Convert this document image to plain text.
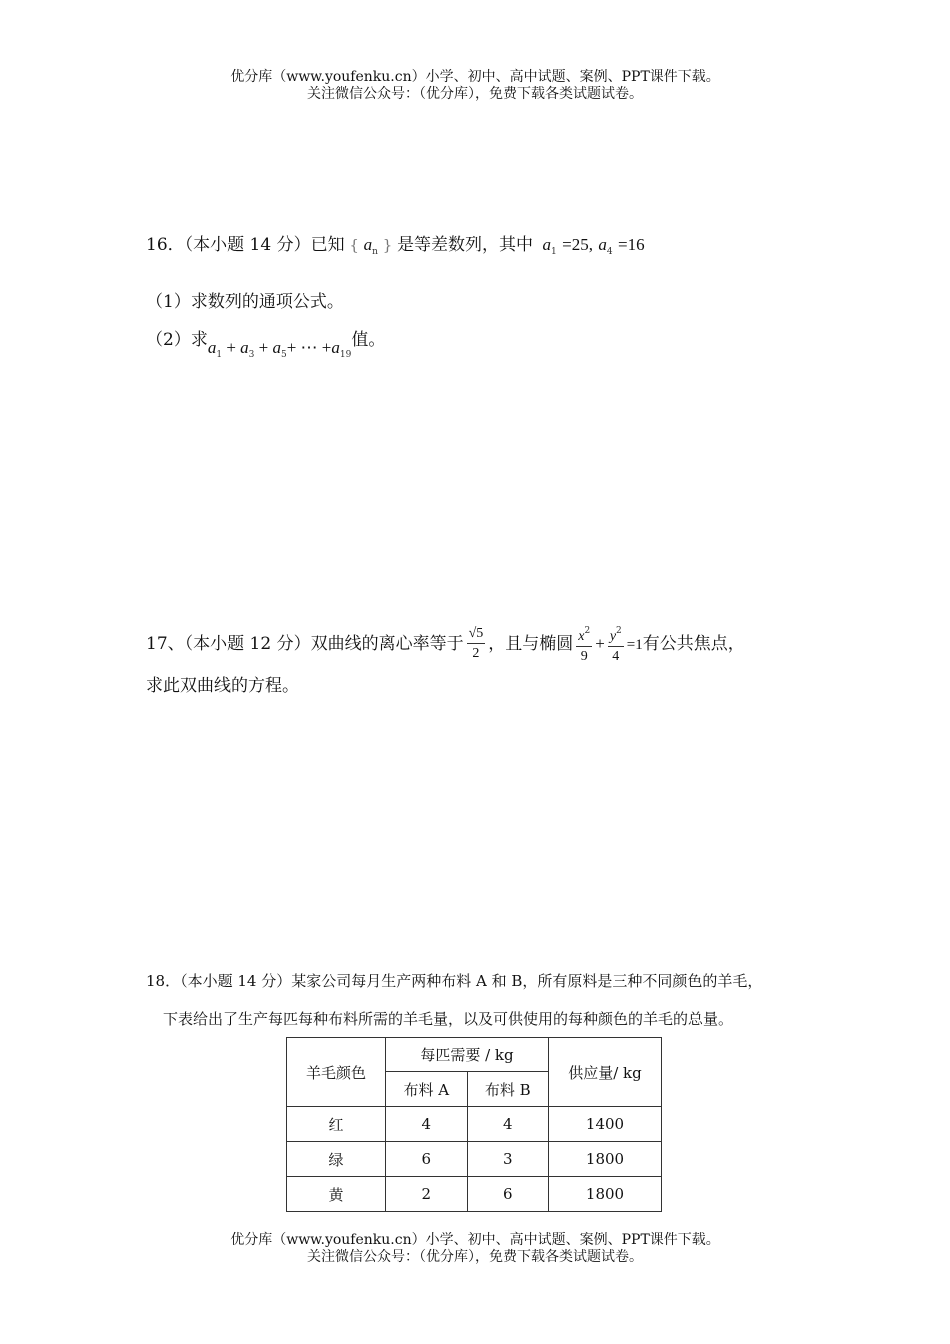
优分库（www.youfenku.cn）小学、初中、高中试题、案例、PPT课件下载。
关注微信公众号：（优分库），免费下载各类试题试卷。
16．（本小题 14 分）已知 { $a_n$ } 是等差数列，其中 $a_1 =25$, $a_4 =16$
（1）求数列的通项公式。
（2）求$a_1 + a_3 + a_5+$ ⋯ $+a_{19}$值。
17、（本小题 12 分）双曲线的离心率等于 $\frac{√5}{2}$ ，且与椭圆 $\frac{x^2}{9} + \frac{y^2}{4} =1$有公共焦点，
求此双曲线的方程。
18．（本小题 14 分）某家公司每月生产两种布料 A 和 B，所有原料是三种不同颜色的羊毛，
下表给出了生产每匹每种布料所需的羊毛量，以及可供使用的每种颜色的羊毛的总量。
羊毛颜色	每匹需要 / kg		供应量/ kg
	布料 A	布料 B	
红	4	4	1400
绿	6	3	1800
黄	2	6	1800
优分库（www.youfenku.cn）小学、初中、高中试题、案例、PPT课件下载。
关注微信公众号：（优分库），免费下载各类试题试卷。
